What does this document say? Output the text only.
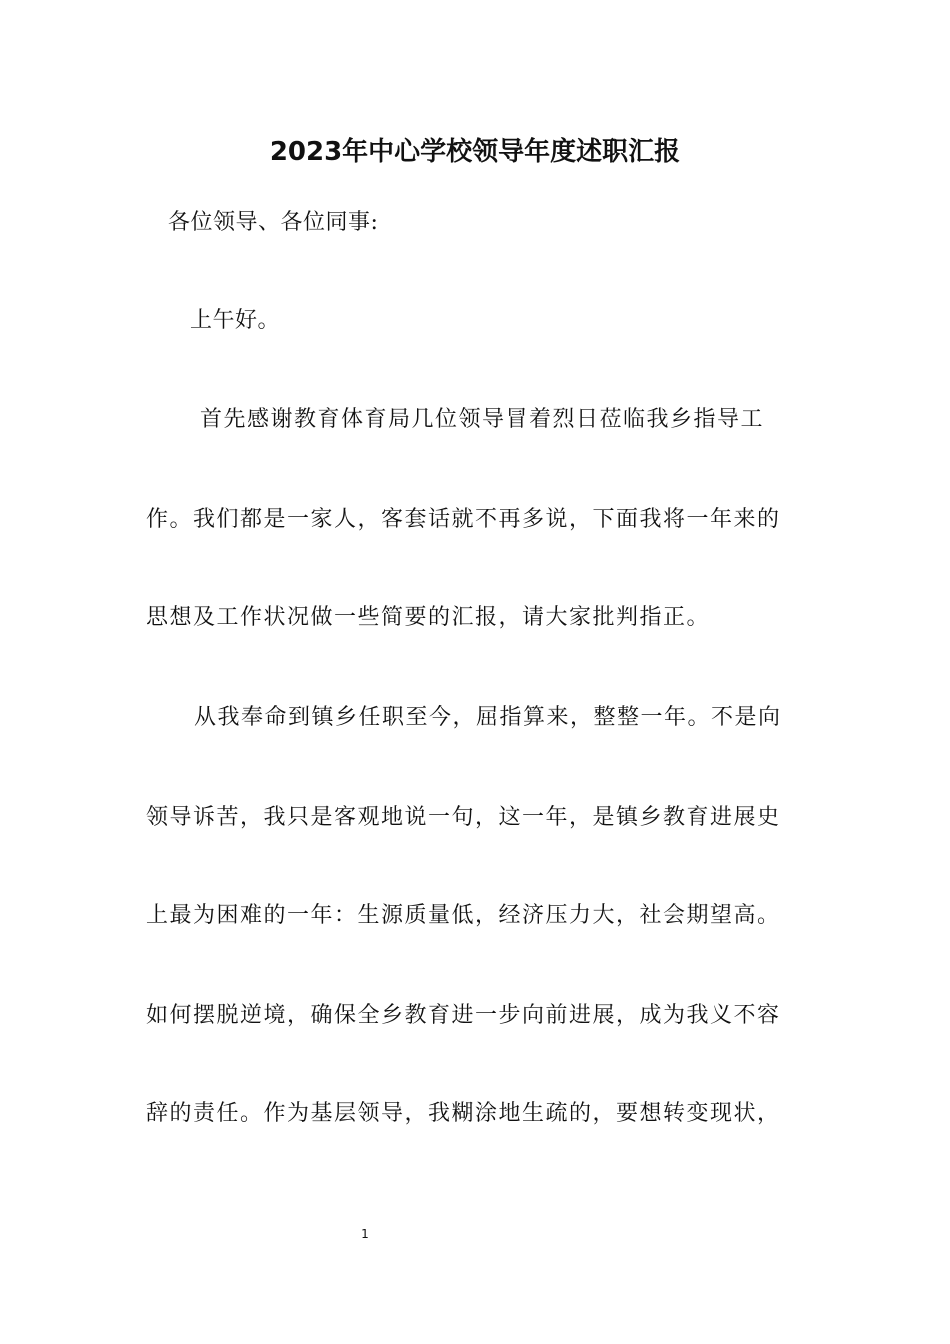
2023年中心学校领导年度述职汇报
各位领导、各位同事:
上午好。
首先感谢教育体育局几位领导冒着烈日莅临我乡指导工
作。我们都是一家人，客套话就不再多说，下面我将一年来的
思想及工作状况做一些简要的汇报，请大家批判指正。
从我奉命到镇乡任职至今，屈指算来，整整一年。不是向
领导诉苦，我只是客观地说一句，这一年，是镇乡教育进展史
上最为困难的一年：生源质量低，经济压力大，社会期望高。
如何摆脱逆境，确保全乡教育进一步向前进展，成为我义不容
辞的责任。作为基层领导，我糊涂地生疏的，要想转变现状，
1
